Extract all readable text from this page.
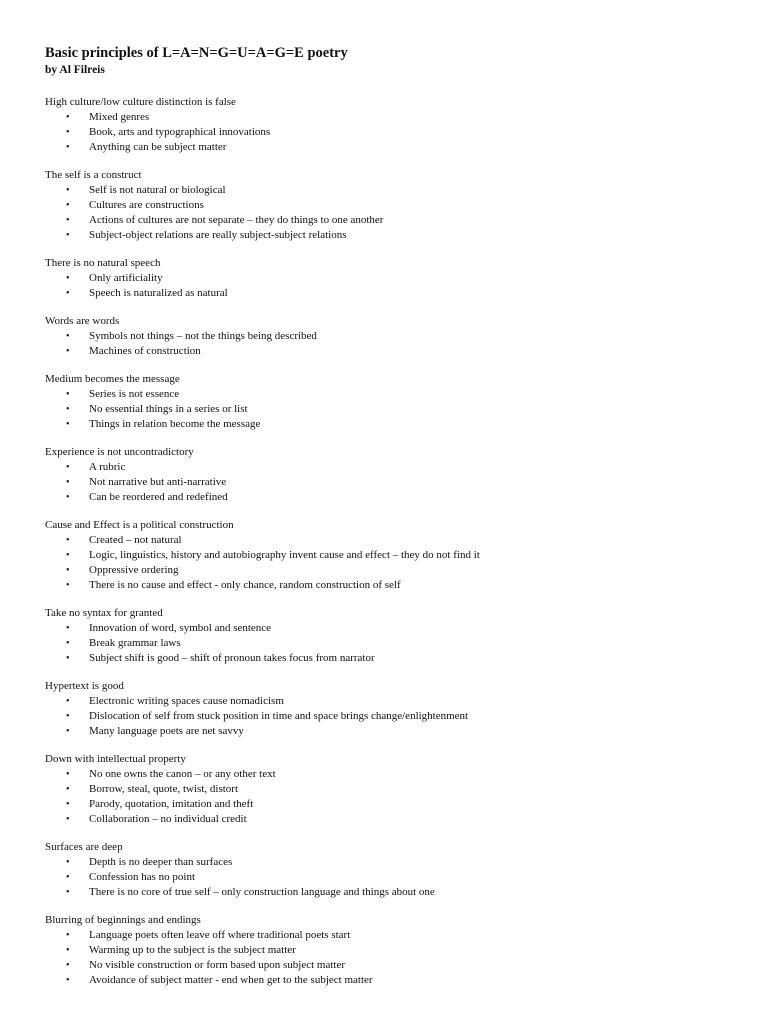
Basic principles of L=A=N=G=U=A=G=E poetry
by Al Filreis
High culture/low culture distinction is false
• Mixed genres
• Book, arts and typographical innovations
• Anything can be subject matter
The self is a construct
• Self is not natural or biological
• Cultures are constructions
• Actions of cultures are not separate – they do things to one another
• Subject-object relations are really subject-subject relations
There is no natural speech
• Only artificiality
• Speech is naturalized as natural
Words are words
• Symbols not things – not the things being described
• Machines of construction
Medium becomes the message
• Series is not essence
• No essential things in a series or list
• Things in relation become the message
Experience is not uncontradictory
• A rubric
• Not narrative but anti-narrative
• Can be reordered and redefined
Cause and Effect is a political construction
• Created – not natural
• Logic, linguistics, history and autobiography invent cause and effect – they do not find it
• Oppressive ordering
• There is no cause and effect - only chance, random construction of self
Take no syntax for granted
• Innovation of word, symbol and sentence
• Break grammar laws
• Subject shift is good – shift of pronoun takes focus from narrator
Hypertext is good
• Electronic writing spaces cause nomadicism
• Dislocation of self from stuck position in time and space brings change/enlightenment
• Many language poets are net savvy
Down with intellectual property
• No one owns the canon – or any other text
• Borrow, steal, quote, twist, distort
• Parody, quotation, imitation and theft
• Collaboration – no individual credit
Surfaces are deep
• Depth is no deeper than surfaces
• Confession has no point
• There is no core of true self – only construction language and things about one
Blurring of beginnings and endings
• Language poets often leave off where traditional poets start
• Warming up to the subject is the subject matter
• No visible construction or form based upon subject matter
• Avoidance of subject matter - end when get to the subject matter
